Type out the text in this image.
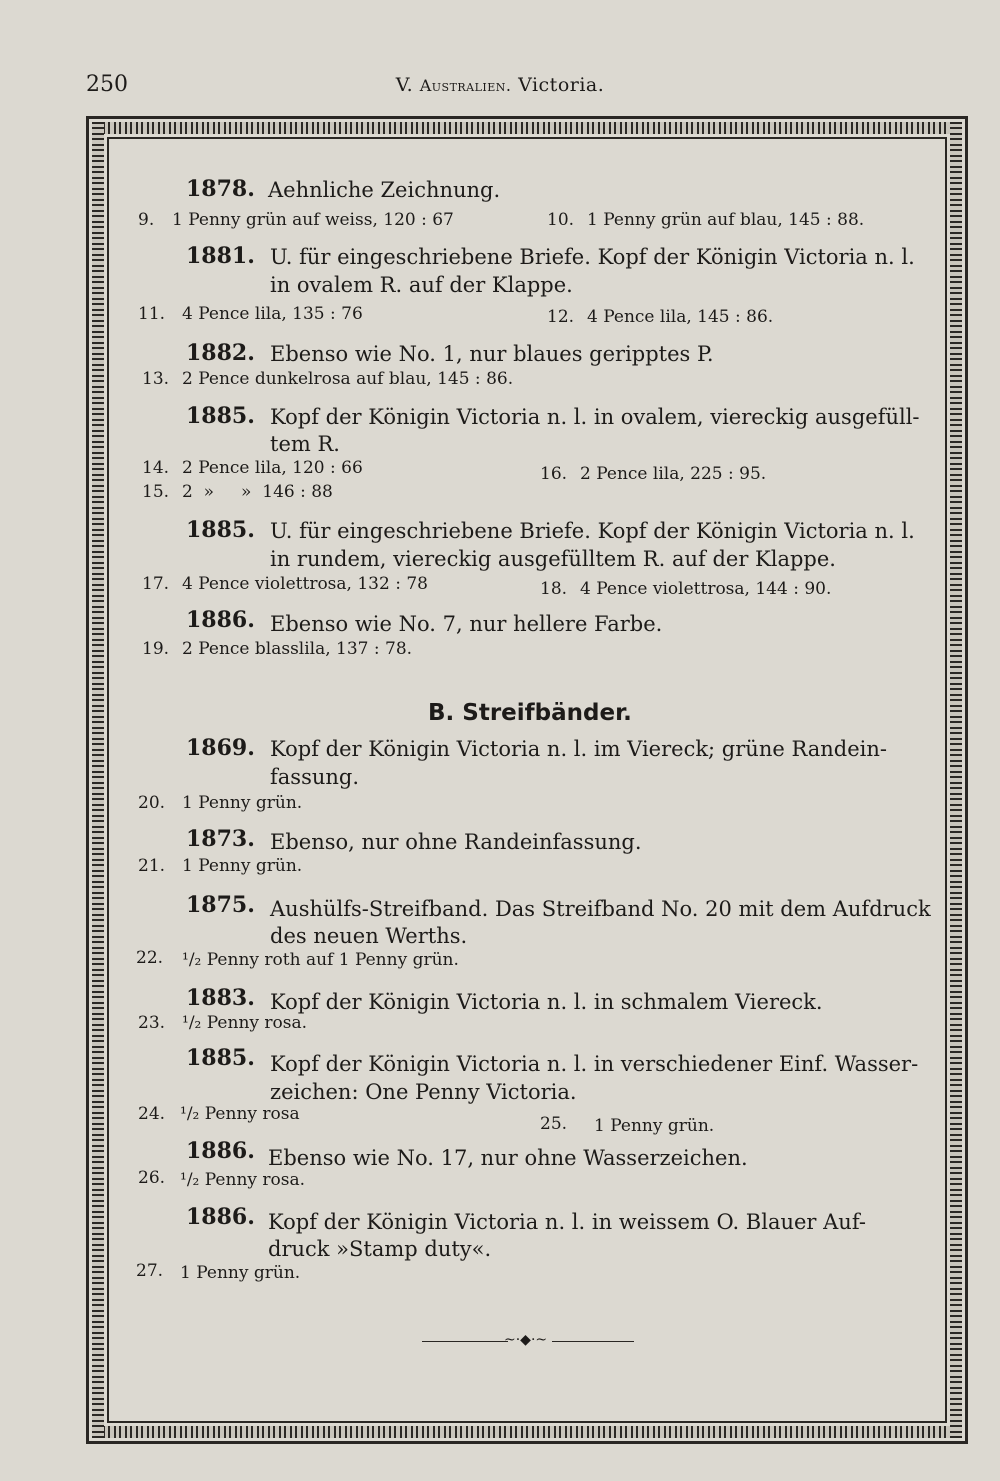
250	V. Australien. Victoria.
1878. Aehnliche Zeichnung.
9. 1 Penny grün auf weiss, 120 : 67	10. 1 Penny grün auf blau, 145 : 88.
1881. U. für eingeschriebene Briefe. Kopf der Königin Victoria n. l.
in ovalem R. auf der Klappe.
11. 4 Pence lila, 135 : 76	12. 4 Pence lila, 145 : 86.
1882. Ebenso wie No. 1, nur blaues geripptes P.
13. 2 Pence dunkelrosa auf blau, 145 : 86.
1885. Kopf der Königin Victoria n. l. in ovalem, viereckig ausgefüll-
tem R.
14. 2 Pence lila, 120 : 66	16. 2 Pence lila, 225 : 95.
15. 2  »     »  146 : 88
1885. U. für eingeschriebene Briefe. Kopf der Königin Victoria n. l.
in rundem, viereckig ausgefülltem R. auf der Klappe.
17. 4 Pence violettrosa, 132 : 78	18. 4 Pence violettrosa, 144 : 90.
1886. Ebenso wie No. 7, nur hellere Farbe.
19. 2 Pence blasslila, 137 : 78.
B. Streifbänder.
1869. Kopf der Königin Victoria n. l. im Viereck; grüne Randein-
fassung.
20. 1 Penny grün.
1873. Ebenso, nur ohne Randeinfassung.
21. 1 Penny grün.
1875. Aushülfs-Streifband. Das Streifband No. 20 mit dem Aufdruck
des neuen Werths.
22. ¹/₂ Penny roth auf 1 Penny grün.
1883. Kopf der Königin Victoria n. l. in schmalem Viereck.
23. ¹/₂ Penny rosa.
1885. Kopf der Königin Victoria n. l. in verschiedener Einf. Wasser-
zeichen: One Penny Victoria.
24. ¹/₂ Penny rosa	25. 1 Penny grün.
1886. Ebenso wie No. 17, nur ohne Wasserzeichen.
26. ¹/₂ Penny rosa.
1886. Kopf der Königin Victoria n. l. in weissem O. Blauer Auf-
druck »Stamp duty«.
27. 1 Penny grün.
~·◆·~
